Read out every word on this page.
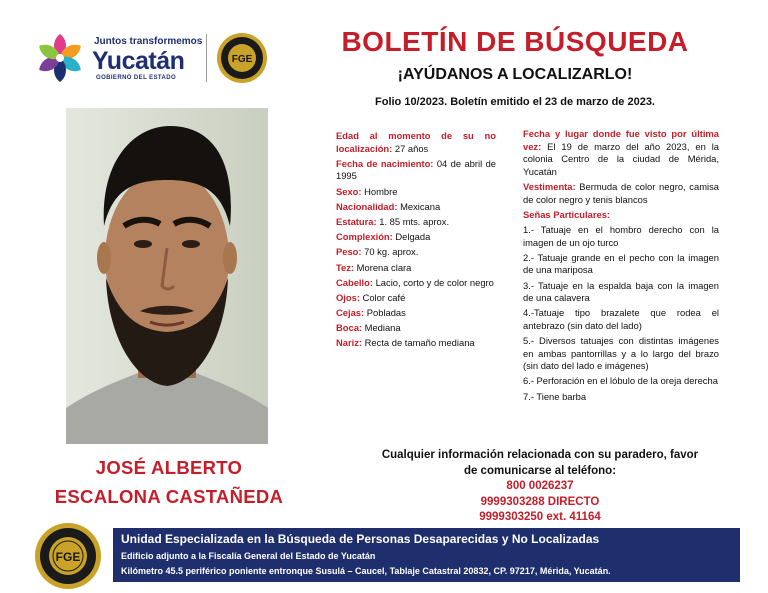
Juntos transformemos
Yucatán
GOBIERNO DEL ESTADO
FGE
BOLETÍN DE BÚSQUEDA
¡AYÚDANOS A LOCALIZARLO!
Folio 10/2023. Boletín emitido el 23 de marzo de 2023.
JOSÉ ALBERTO
ESCALONA CASTAÑEDA

Edad al momento de su no localización: 27 años

Fecha de nacimiento: 04 de abril de 1995

Sexo: Hombre

Nacionalidad: Mexicana

Estatura: 1. 85 mts. aprox.

Complexión: Delgada

Peso: 70 kg. aprox.

Tez: Morena clara

Cabello: Lacio, corto y de color negro

Ojos: Color café

Cejas: Pobladas

Boca: Mediana

Nariz: Recta de tamaño mediana

Fecha y lugar donde fue visto por última vez: El 19 de marzo del año 2023, en la colonia Centro de la ciudad de Mérida, Yucatán

Vestimenta: Bermuda de color negro, camisa de color negro y tenis blancos

Señas Particulares:

1.- Tatuaje en el hombro derecho con la imagen de un ojo turco

2.- Tatuaje grande en el pecho con la imagen de una mariposa

3.- Tatuaje en la espalda baja con la imagen de una calavera

4.-Tatuaje tipo brazalete que rodea el antebrazo (sin dato del lado)

5.- Diversos tatuajes con distintas imágenes en ambas pantorrillas y a lo largo del brazo (sin dato del lado e imágenes)

6.- Perforación en el lóbulo de la oreja derecha

7.- Tiene barba

Cualquier información relacionada con su paradero, favor
de comunicarse al teléfono:
800 0026237
9999303288 DIRECTO
9999303250 ext. 41164
FGE
Unidad Especializada en la Búsqueda de Personas Desaparecidas y No Localizadas
Edificio adjunto a la Fiscalía General del Estado de Yucatán
Kilómetro 45.5 periférico poniente entronque Susulá – Caucel, Tablaje Catastral 20832, CP. 97217, Mérida, Yucatán.
